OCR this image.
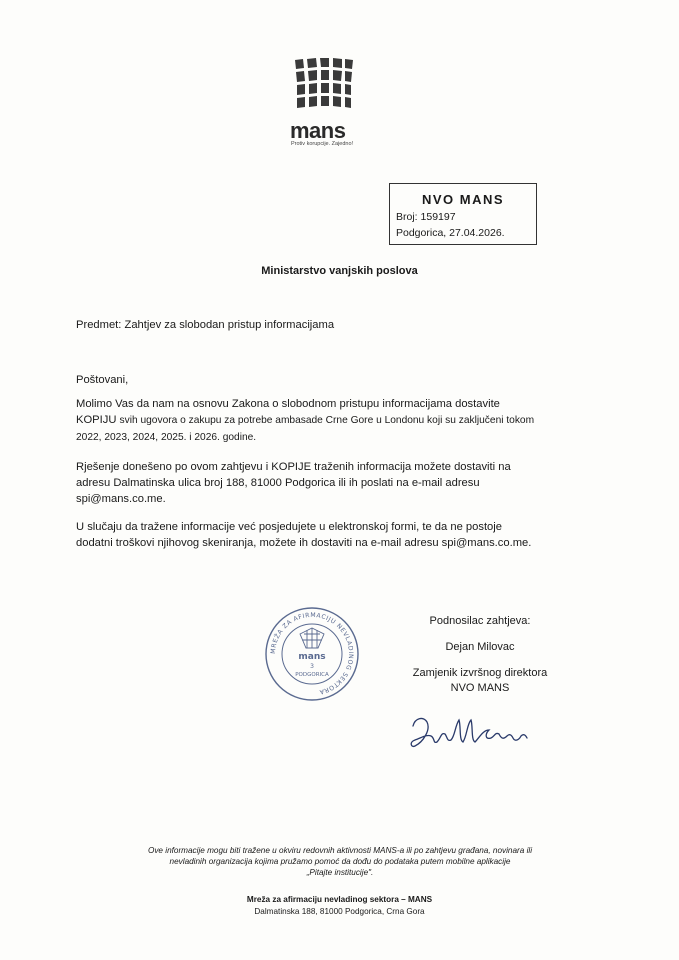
mans
Protiv korupcije. Zajedno!
NVO MANS
Broj: 159197
Podgorica, 27.04.2026.
Ministarstvo vanjskih poslova
Predmet: Zahtjev za slobodan pristup informacijama
Poštovani,
Molimo Vas da nam na osnovu Zakona o slobodnom pristupu informacijama dostavite
KOPIJU svih ugovora o zakupu za potrebe ambasade Crne Gore u Londonu koji su zaključeni tokom
2022, 2023, 2024, 2025. i 2026. godine.
Rješenje donešeno po ovom zahtjevu i KOPIJE traženih informacija možete dostaviti na
adresu Dalmatinska ulica broj 188, 81000 Podgorica ili ih poslati na e-mail adresu
spi@mans.co.me.
U slučaju da tražene informacije već posjedujete u elektronskoj formi, te da ne postoje
dodatni troškovi njihovog skeniranja, možete ih dostaviti na e-mail adresu spi@mans.co.me.
Podnosilac zahtjeva:
Dejan Milovac
Zamjenik izvršnog direktora
NVO MANS
MREŽA ZA AFIRMACIJU NEVLADINOG SEKTORA
mans
3
PODGORICA
Ove informacije mogu biti tražene u okviru redovnih aktivnosti MANS-a ili po zahtjevu građana, novinara ili
nevladinih organizacija kojima pružamo pomoć da dođu do podataka putem mobilne aplikacije
„Pitajte institucije".
Mreža za afirmaciju nevladinog sektora – MANS
Dalmatinska 188, 81000 Podgorica, Crna Gora
